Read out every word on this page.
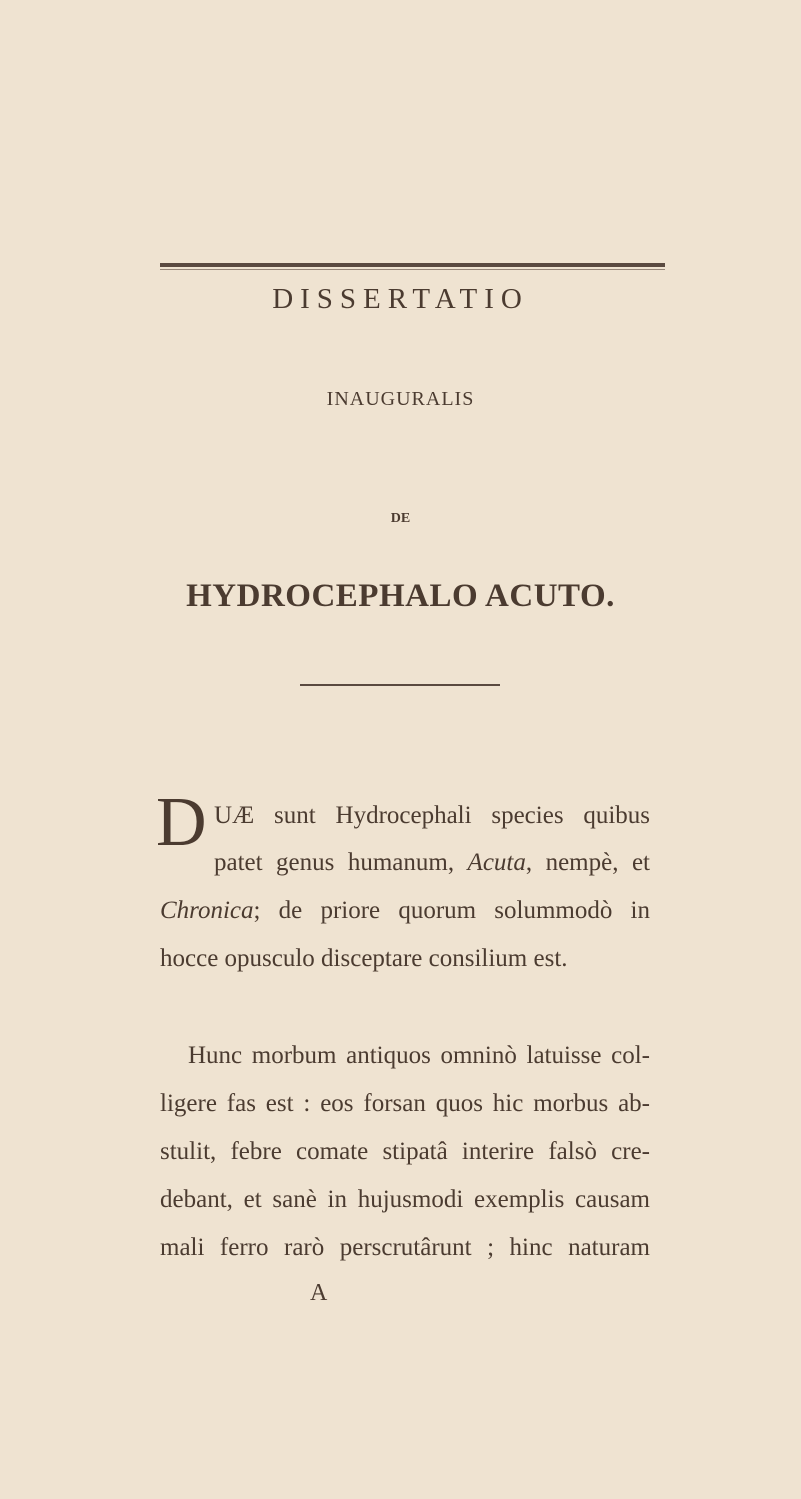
DISSERTATIO
INAUGURALIS
DE
HYDROCEPHALO ACUTO.
D UÆ sunt Hydrocephali species quibus
patet genus humanum, Acuta, nempè, et
Chronica; de priore quorum solummodò in
hocce opusculo disceptare consilium est.
Hunc morbum antiquos omninò latuisse col-
ligere fas est : eos forsan quos hic morbus ab-
stulit, febre comate stipatâ interire falsò cre-
debant, et sanè in hujusmodi exemplis causam
mali ferro rarò perscrutârunt ; hinc naturam
A
